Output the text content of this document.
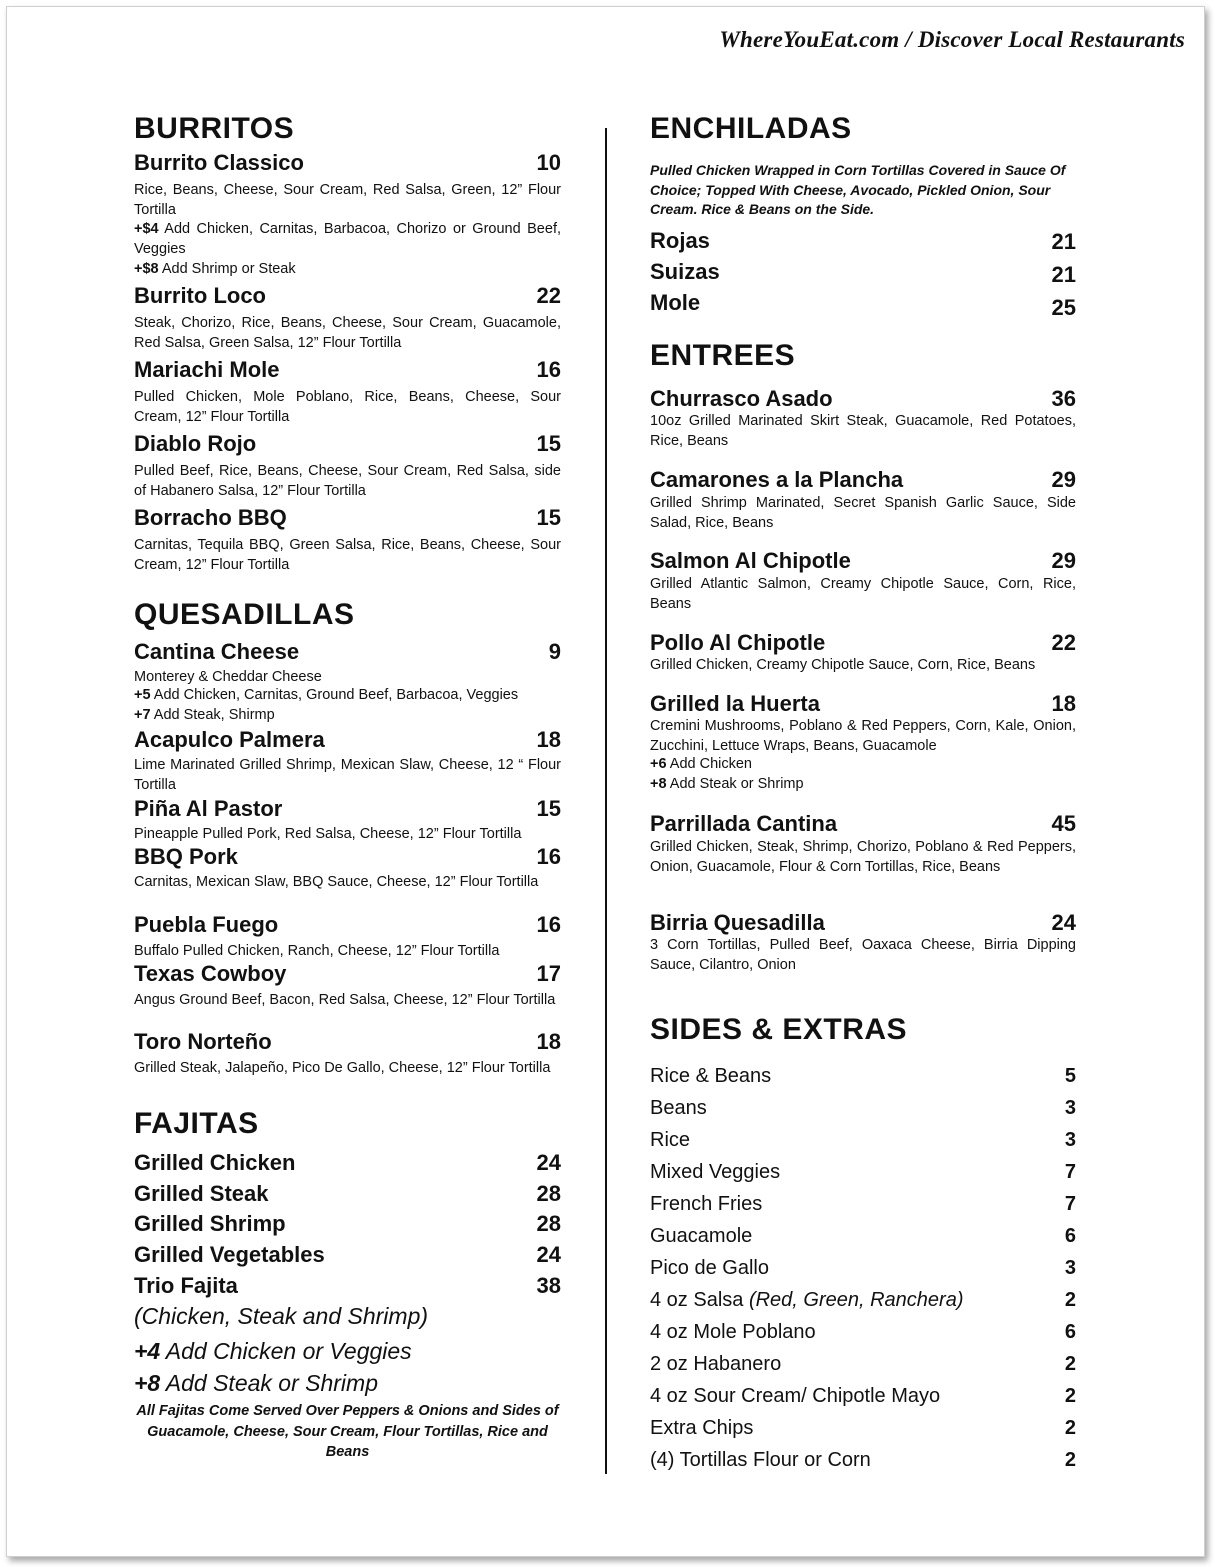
WhereYouEat.com / Discover Local Restaurants
BURRITOS
Burrito Classico	10
Rice, Beans, Cheese, Sour Cream, Red Salsa, Green, 12” Flour Tortilla
+$4 Add Chicken, Carnitas, Barbacoa, Chorizo or Ground Beef, Veggies
+$8 Add Shrimp or Steak
Burrito Loco	22
Steak, Chorizo, Rice, Beans, Cheese, Sour Cream, Guacamole, Red Salsa, Green Salsa, 12” Flour Tortilla
Mariachi Mole	16
Pulled Chicken, Mole Poblano, Rice, Beans, Cheese, Sour Cream, 12” Flour Tortilla
Diablo Rojo	15
Pulled Beef, Rice, Beans, Cheese, Sour Cream, Red Salsa, side of Habanero Salsa, 12” Flour Tortilla
Borracho BBQ	15
Carnitas, Tequila BBQ, Green Salsa, Rice, Beans, Cheese, Sour Cream, 12” Flour Tortilla
QUESADILLAS
Cantina Cheese	9
Monterey & Cheddar Cheese
+5 Add Chicken, Carnitas, Ground Beef, Barbacoa, Veggies
+7 Add Steak, Shirmp
Acapulco Palmera	18
Lime Marinated Grilled Shrimp, Mexican Slaw, Cheese, 12 “ Flour Tortilla
Piña Al Pastor	15
Pineapple Pulled Pork, Red Salsa, Cheese, 12” Flour Tortilla
BBQ Pork	16
Carnitas, Mexican Slaw, BBQ Sauce, Cheese, 12” Flour Tortilla
Puebla Fuego	16
Buffalo Pulled Chicken, Ranch, Cheese, 12” Flour Tortilla
Texas Cowboy	17
Angus Ground Beef, Bacon, Red Salsa, Cheese, 12” Flour Tortilla
Toro Norteño	18
Grilled Steak, Jalapeño, Pico De Gallo, Cheese, 12” Flour Tortilla
FAJITAS
Grilled Chicken	24
Grilled Steak	28
Grilled Shrimp	28
Grilled Vegetables	24
Trio Fajita	38
(Chicken, Steak and Shrimp)
+4 Add Chicken or Veggies
+8 Add Steak or Shrimp
All Fajitas Come Served Over Peppers & Onions and Sides of Guacamole, Cheese, Sour Cream, Flour Tortillas, Rice and Beans
ENCHILADAS
Pulled Chicken Wrapped in Corn Tortillas Covered in Sauce Of Choice; Topped With Cheese, Avocado, Pickled Onion, Sour Cream. Rice & Beans on the Side.
Rojas	21
Suizas	21
Mole	25
ENTREES
Churrasco Asado	36
10oz Grilled Marinated Skirt Steak, Guacamole, Red Potatoes, Rice, Beans
Camarones a la Plancha	29
Grilled Shrimp Marinated, Secret Spanish Garlic Sauce, Side Salad, Rice, Beans
Salmon Al Chipotle	29
Grilled Atlantic Salmon, Creamy Chipotle Sauce, Corn, Rice, Beans
Pollo Al Chipotle	22
Grilled Chicken, Creamy Chipotle Sauce, Corn, Rice, Beans
Grilled la Huerta	18
Cremini Mushrooms, Poblano & Red Peppers, Corn, Kale, Onion, Zucchini, Lettuce Wraps, Beans, Guacamole
+6 Add Chicken
+8 Add Steak or Shrimp
Parrillada Cantina	45
Grilled Chicken, Steak, Shrimp, Chorizo, Poblano & Red Peppers, Onion, Guacamole, Flour & Corn Tortillas, Rice, Beans
Birria Quesadilla	24
3 Corn Tortillas, Pulled Beef, Oaxaca Cheese, Birria Dipping Sauce, Cilantro, Onion
SIDES & EXTRAS
Rice & Beans	5
Beans	3
Rice	3
Mixed Veggies	7
French Fries	7
Guacamole	6
Pico de Gallo	3
4 oz Salsa (Red, Green, Ranchera)	2
4 oz Mole Poblano	6
2 oz Habanero	2
4 oz Sour Cream/ Chipotle Mayo	2
Extra Chips	2
(4) Tortillas Flour or Corn	2
